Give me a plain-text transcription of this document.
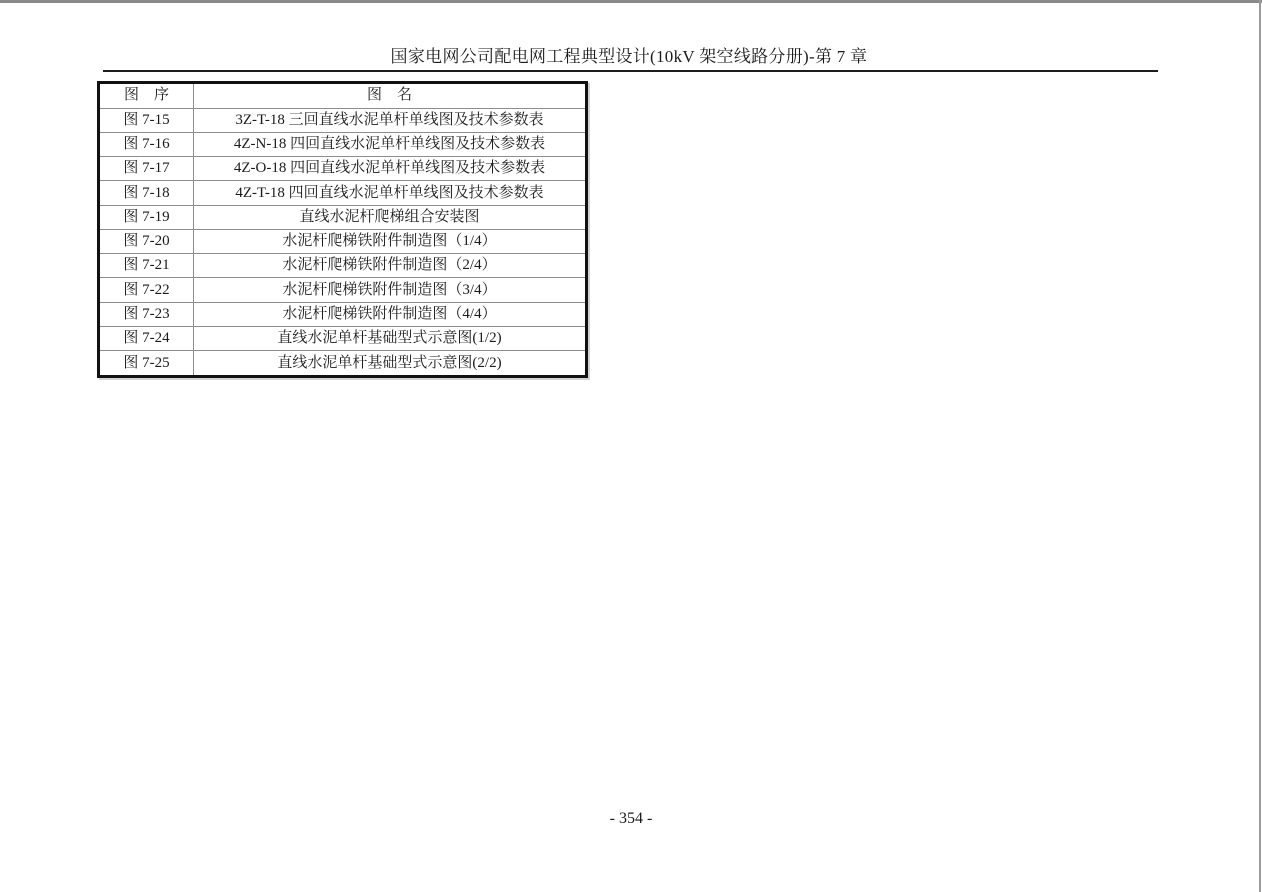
国家电网公司配电网工程典型设计(10kV 架空线路分册)-第 7 章
图　序	图　名
图 7-15	3Z-T-18 三回直线水泥单杆单线图及技术参数表
图 7-16	4Z-N-18 四回直线水泥单杆单线图及技术参数表
图 7-17	4Z-O-18 四回直线水泥单杆单线图及技术参数表
图 7-18	4Z-T-18 四回直线水泥单杆单线图及技术参数表
图 7-19	直线水泥杆爬梯组合安装图
图 7-20	水泥杆爬梯铁附件制造图（1/4）
图 7-21	水泥杆爬梯铁附件制造图（2/4）
图 7-22	水泥杆爬梯铁附件制造图（3/4）
图 7-23	水泥杆爬梯铁附件制造图（4/4）
图 7-24	直线水泥单杆基础型式示意图(1/2)
图 7-25	直线水泥单杆基础型式示意图(2/2)
- 354 -
